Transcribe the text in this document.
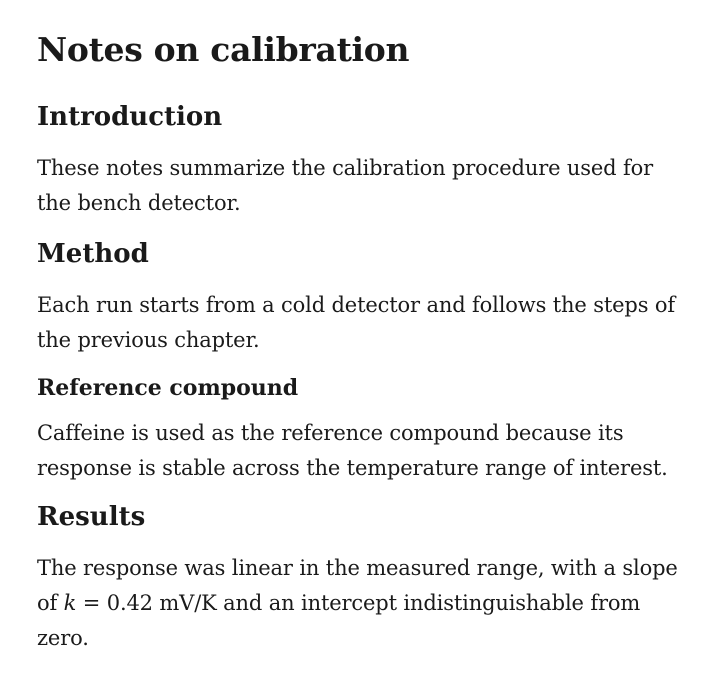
Notes on calibration
Introduction

These notes summarize the calibration procedure used for the bench detector.

Method

Each run starts from a cold detector and follows the steps of the previous chapter.

Reference compound

Caffeine is used as the reference compound because its response is stable across the temperature range of interest.

Results

The response was linear in the measured range, with a slope of k = 0.42 mV/K and an intercept indistinguishable from zero.
